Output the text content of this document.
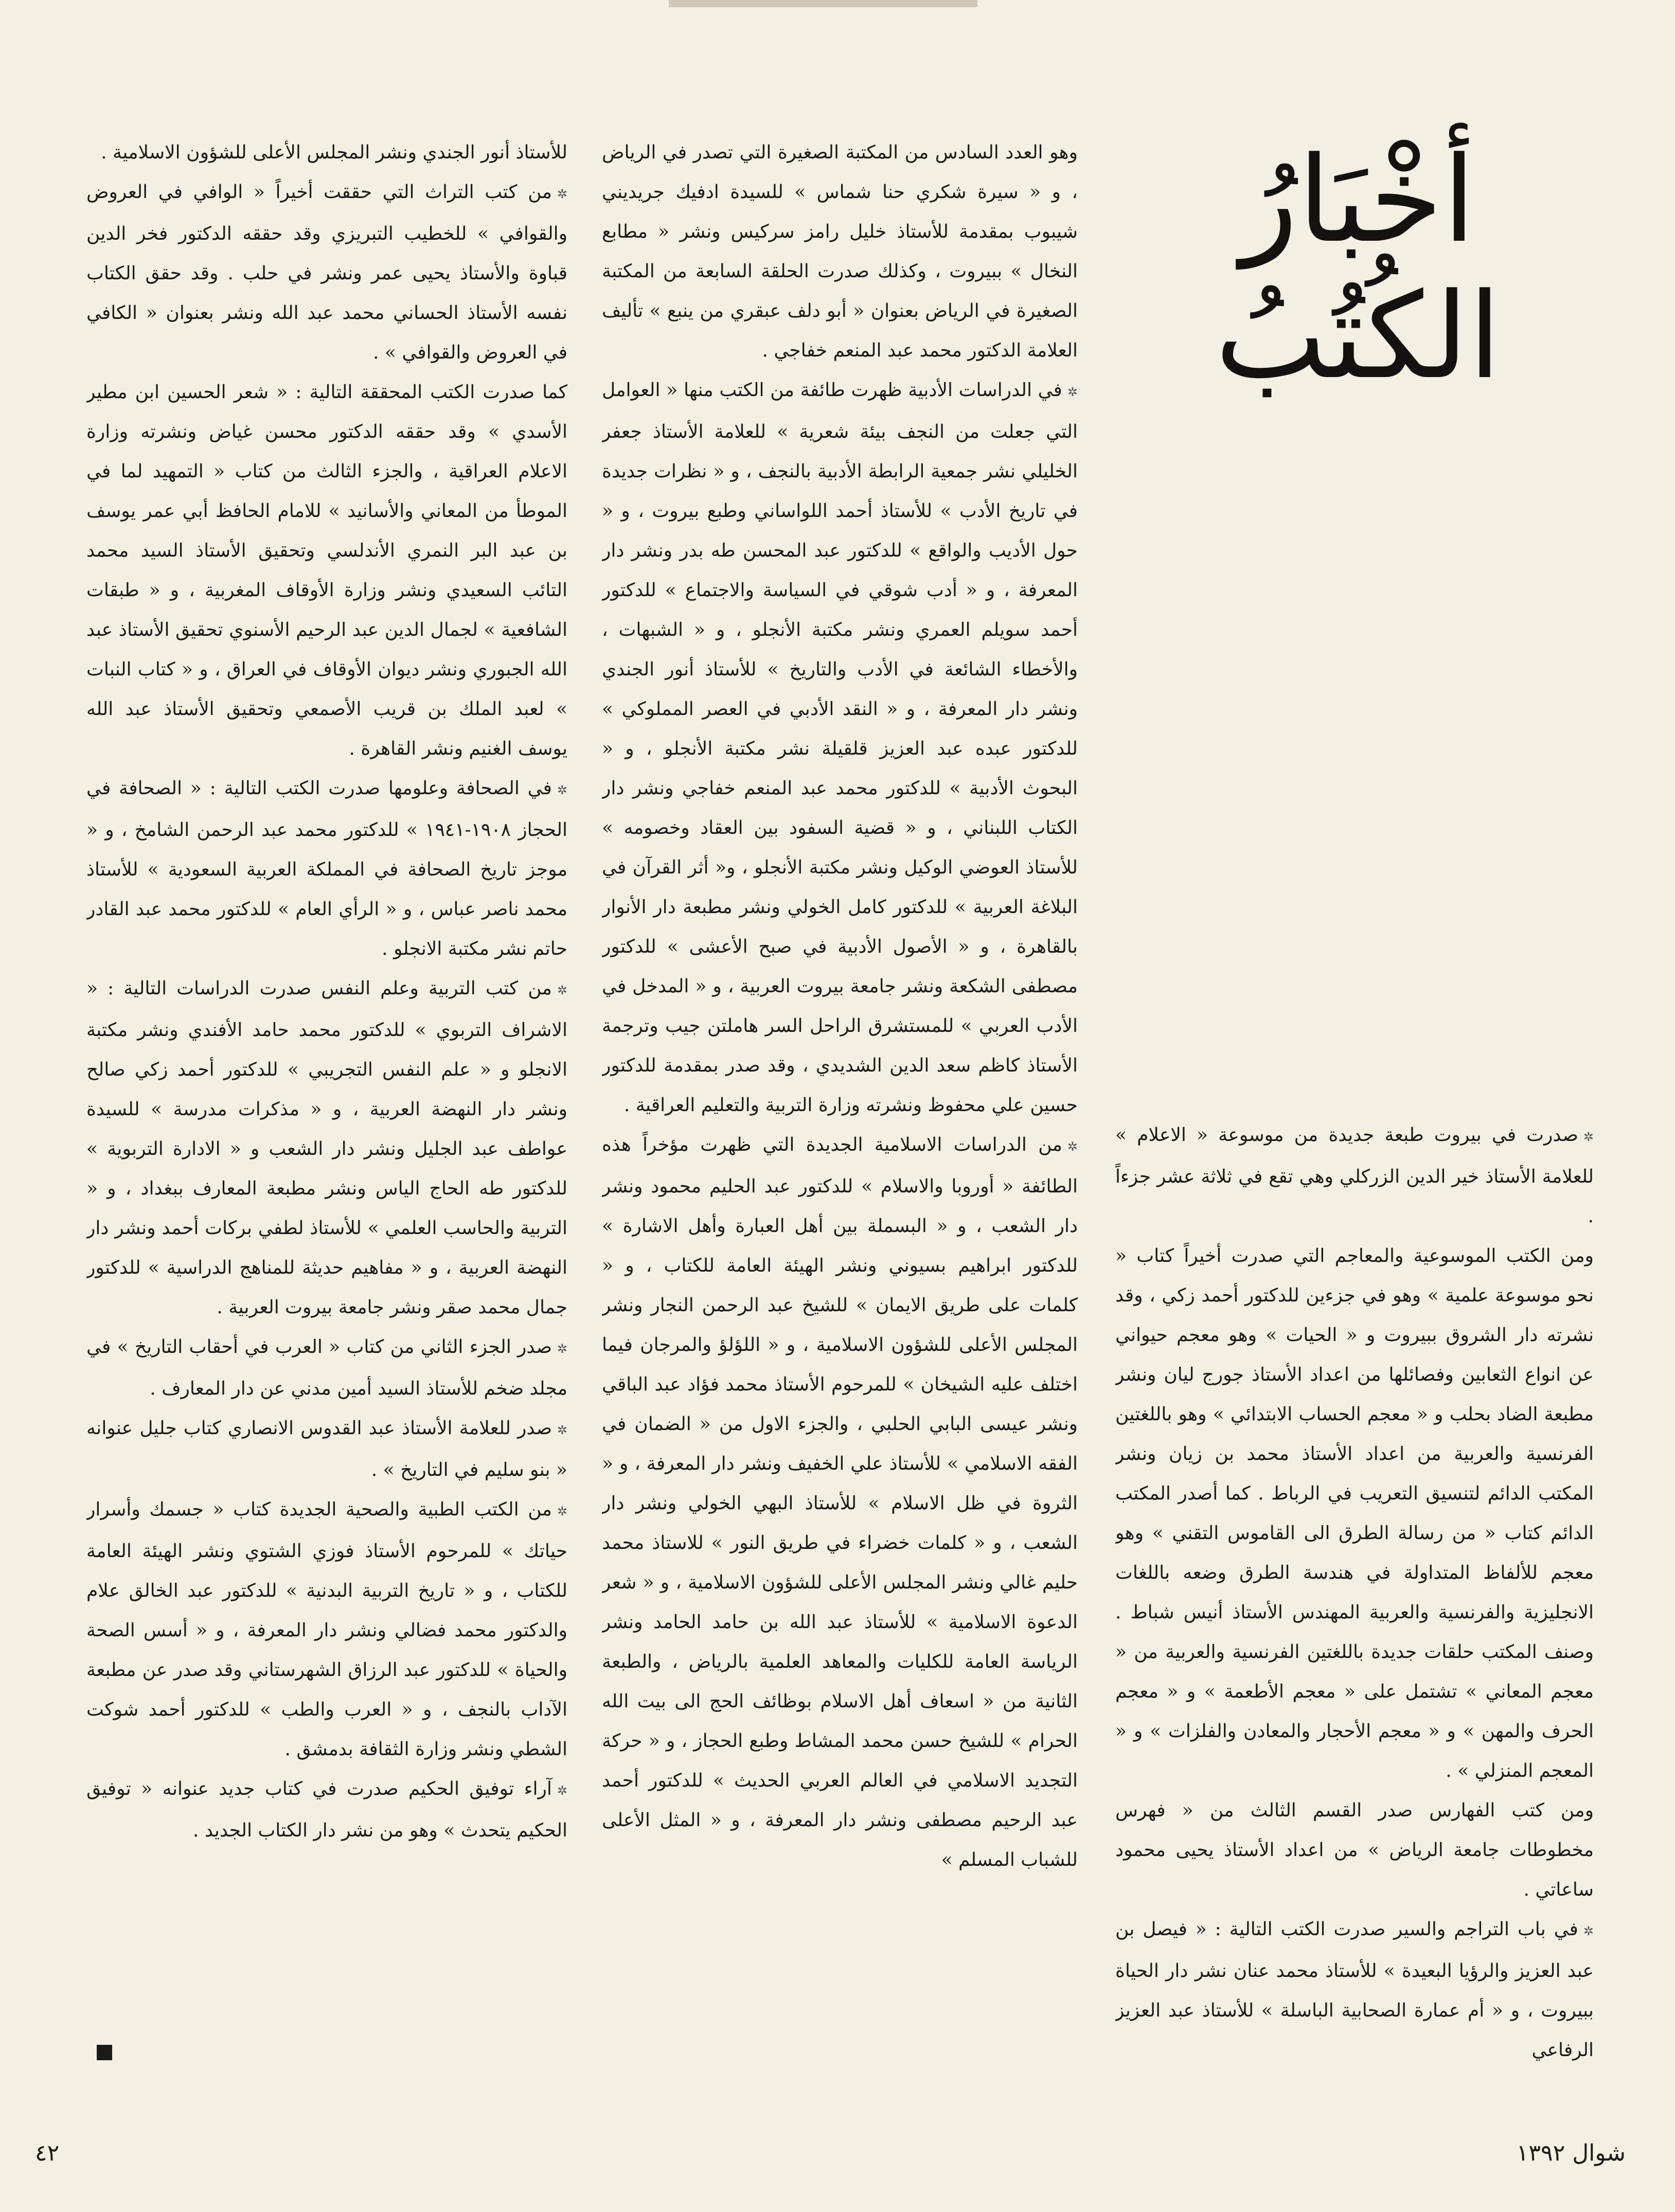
أخْبَارُ
الكُتُبُ

✲صدرت في بيروت طبعة جديدة من موسوعة « الاعلام » للعلامة الأستاذ خير الدين الزركلي وهي تقع في ثلاثة عشر جزءاً .

ومن الكتب الموسوعية والمعاجم التي صدرت أخيراً كتاب « نحو موسوعة علمية » وهو في جزءين للدكتور أحمد زكي ، وقد نشرته دار الشروق ببيروت و « الحيات » وهو معجم حيواني عن انواع الثعابين وفصائلها من اعداد الأستاذ جورج ليان ونشر مطبعة الضاد بحلب و « معجم الحساب الابتدائي » وهو باللغتين الفرنسية والعربية من اعداد الأستاذ محمد بن زيان ونشر المكتب الدائم لتنسيق التعريب في الرباط . كما أصدر المكتب الدائم كتاب « من رسالة الطرق الى القاموس التقني » وهو معجم للألفاظ المتداولة في هندسة الطرق وضعه باللغات الانجليزية والفرنسية والعربية المهندس الأستاذ أنيس شباط . وصنف المكتب حلقات جديدة باللغتين الفرنسية والعربية من « معجم المعاني » تشتمل على « معجم الأطعمة » و « معجم الحرف والمهن » و « معجم الأحجار والمعادن والفلزات » و « المعجم المنزلي » .

ومن كتب الفهارس صدر القسم الثالث من « فهرس مخطوطات جامعة الرياض » من اعداد الأستاذ يحيى محمود ساعاتي .

✲في باب التراجم والسير صدرت الكتب التالية : « فيصل بن عبد العزيز والرؤيا البعيدة » للأستاذ محمد عنان نشر دار الحياة ببيروت ، و « أم عمارة الصحابية الباسلة » للأستاذ عبد العزيز الرفاعي

وهو العدد السادس من المكتبة الصغيرة التي تصدر في الرياض ، و « سيرة شكري حنا شماس » للسيدة ادفيك جريديني شيبوب بمقدمة للأستاذ خليل رامز سركيس ونشر « مطابع النخال » ببيروت ، وكذلك صدرت الحلقة السابعة من المكتبة الصغيرة في الرياض بعنوان « أبو دلف عبقري من ينبع » تأليف العلامة الدكتور محمد عبد المنعم خفاجي .

✲في الدراسات الأدبية ظهرت طائفة من الكتب منها « العوامل التي جعلت من النجف بيئة شعرية » للعلامة الأستاذ جعفر الخليلي نشر جمعية الرابطة الأدبية بالنجف ، و « نظرات جديدة في تاريخ الأدب » للأستاذ أحمد اللواساني وطبع بيروت ، و « حول الأديب والواقع » للدكتور عبد المحسن طه بدر ونشر دار المعرفة ، و « أدب شوقي في السياسة والاجتماع » للدكتور أحمد سويلم العمري ونشر مكتبة الأنجلو ، و « الشبهات ، والأخطاء الشائعة في الأدب والتاريخ » للأستاذ أنور الجندي ونشر دار المعرفة ، و « النقد الأدبي في العصر المملوكي » للدكتور عبده عبد العزيز قلقيلة نشر مكتبة الأنجلو ، و « البحوث الأدبية » للدكتور محمد عبد المنعم خفاجي ونشر دار الكتاب اللبناني ، و « قضية السفود بين العقاد وخصومه » للأستاذ العوضي الوكيل ونشر مكتبة الأنجلو ، و« أثر القرآن في البلاغة العربية » للدكتور كامل الخولي ونشر مطبعة دار الأنوار بالقاهرة ، و « الأصول الأدبية في صبح الأعشى » للدكتور مصطفى الشكعة ونشر جامعة بيروت العربية ، و « المدخل في الأدب العربي » للمستشرق الراحل السر هاملتن جيب وترجمة الأستاذ كاظم سعد الدين الشديدي ، وقد صدر بمقدمة للدكتور حسين علي محفوظ ونشرته وزارة التربية والتعليم العراقية .

✲من الدراسات الاسلامية الجديدة التي ظهرت مؤخراً هذه الطائفة « أوروبا والاسلام » للدكتور عبد الحليم محمود ونشر دار الشعب ، و « البسملة بين أهل العبارة وأهل الاشارة » للدكتور ابراهيم بسيوني ونشر الهيئة العامة للكتاب ، و « كلمات على طريق الايمان » للشيخ عبد الرحمن النجار ونشر المجلس الأعلى للشؤون الاسلامية ، و « اللؤلؤ والمرجان فيما اختلف عليه الشيخان » للمرحوم الأستاذ محمد فؤاد عبد الباقي ونشر عيسى البابي الحلبي ، والجزء الاول من « الضمان في الفقه الاسلامي » للأستاذ علي الخفيف ونشر دار المعرفة ، و « الثروة في ظل الاسلام » للأستاذ البهي الخولي ونشر دار الشعب ، و « كلمات خضراء في طريق النور » للاستاذ محمد حليم غالي ونشر المجلس الأعلى للشؤون الاسلامية ، و « شعر الدعوة الاسلامية » للأستاذ عبد الله بن حامد الحامد ونشر الرياسة العامة للكليات والمعاهد العلمية بالرياض ، والطبعة الثانية من « اسعاف أهل الاسلام بوظائف الحج الى بيت الله الحرام » للشيخ حسن محمد المشاط وطبع الحجاز ، و « حركة التجديد الاسلامي في العالم العربي الحديث » للدكتور أحمد عبد الرحيم مصطفى ونشر دار المعرفة ، و « المثل الأعلى للشباب المسلم »

للأستاذ أنور الجندي ونشر المجلس الأعلى للشؤون الاسلامية .

✲من كتب التراث التي حققت أخيراً « الوافي في العروض والقوافي » للخطيب التبريزي وقد حققه الدكتور فخر الدين قباوة والأستاذ يحيى عمر ونشر في حلب . وقد حقق الكتاب نفسه الأستاذ الحساني محمد عبد الله ونشر بعنوان « الكافي في العروض والقوافي » .

كما صدرت الكتب المحققة التالية : « شعر الحسين ابن مطير الأسدي » وقد حققه الدكتور محسن غياض ونشرته وزارة الاعلام العراقية ، والجزء الثالث من كتاب « التمهيد لما في الموطأ من المعاني والأسانيد » للامام الحافظ أبي عمر يوسف بن عبد البر النمري الأندلسي وتحقيق الأستاذ السيد محمد التائب السعيدي ونشر وزارة الأوقاف المغربية ، و « طبقات الشافعية » لجمال الدين عبد الرحيم الأسنوي تحقيق الأستاذ عبد الله الجبوري ونشر ديوان الأوقاف في العراق ، و « كتاب النبات » لعبد الملك بن قريب الأصمعي وتحقيق الأستاذ عبد الله يوسف الغنيم ونشر القاهرة .

✲في الصحافة وعلومها صدرت الكتب التالية : « الصحافة في الحجاز ١٩٠٨-١٩٤١ » للدكتور محمد عبد الرحمن الشامخ ، و « موجز تاريخ الصحافة في المملكة العربية السعودية » للأستاذ محمد ناصر عباس ، و « الرأي العام » للدكتور محمد عبد القادر حاتم نشر مكتبة الانجلو .

✲من كتب التربية وعلم النفس صدرت الدراسات التالية : « الاشراف التربوي » للدكتور محمد حامد الأفندي ونشر مكتبة الانجلو و « علم النفس التجريبي » للدكتور أحمد زكي صالح ونشر دار النهضة العربية ، و « مذكرات مدرسة » للسيدة عواطف عبد الجليل ونشر دار الشعب و « الادارة التربوية » للدكتور طه الحاج الياس ونشر مطبعة المعارف ببغداد ، و « التربية والحاسب العلمي » للأستاذ لطفي بركات أحمد ونشر دار النهضة العربية ، و « مفاهيم حديثة للمناهج الدراسية » للدكتور جمال محمد صقر ونشر جامعة بيروت العربية .

✲صدر الجزء الثاني من كتاب « العرب في أحقاب التاريخ » في مجلد ضخم للأستاذ السيد أمين مدني عن دار المعارف .

✲صدر للعلامة الأستاذ عبد القدوس الانصاري كتاب جليل عنوانه « بنو سليم في التاريخ » .

✲من الكتب الطبية والصحية الجديدة كتاب « جسمك وأسرار حياتك » للمرحوم الأستاذ فوزي الشتوي ونشر الهيئة العامة للكتاب ، و « تاريخ التربية البدنية » للدكتور عبد الخالق علام والدكتور محمد فضالي ونشر دار المعرفة ، و « أسس الصحة والحياة » للدكتور عبد الرزاق الشهرستاني وقد صدر عن مطبعة الآداب بالنجف ، و « العرب والطب » للدكتور أحمد شوكت الشطي ونشر وزارة الثقافة بدمشق .

✲آراء توفيق الحكيم صدرت في كتاب جديد عنوانه « توفيق الحكيم يتحدث » وهو من نشر دار الكتاب الجديد .

شوال ١٣٩٢
٤٢
